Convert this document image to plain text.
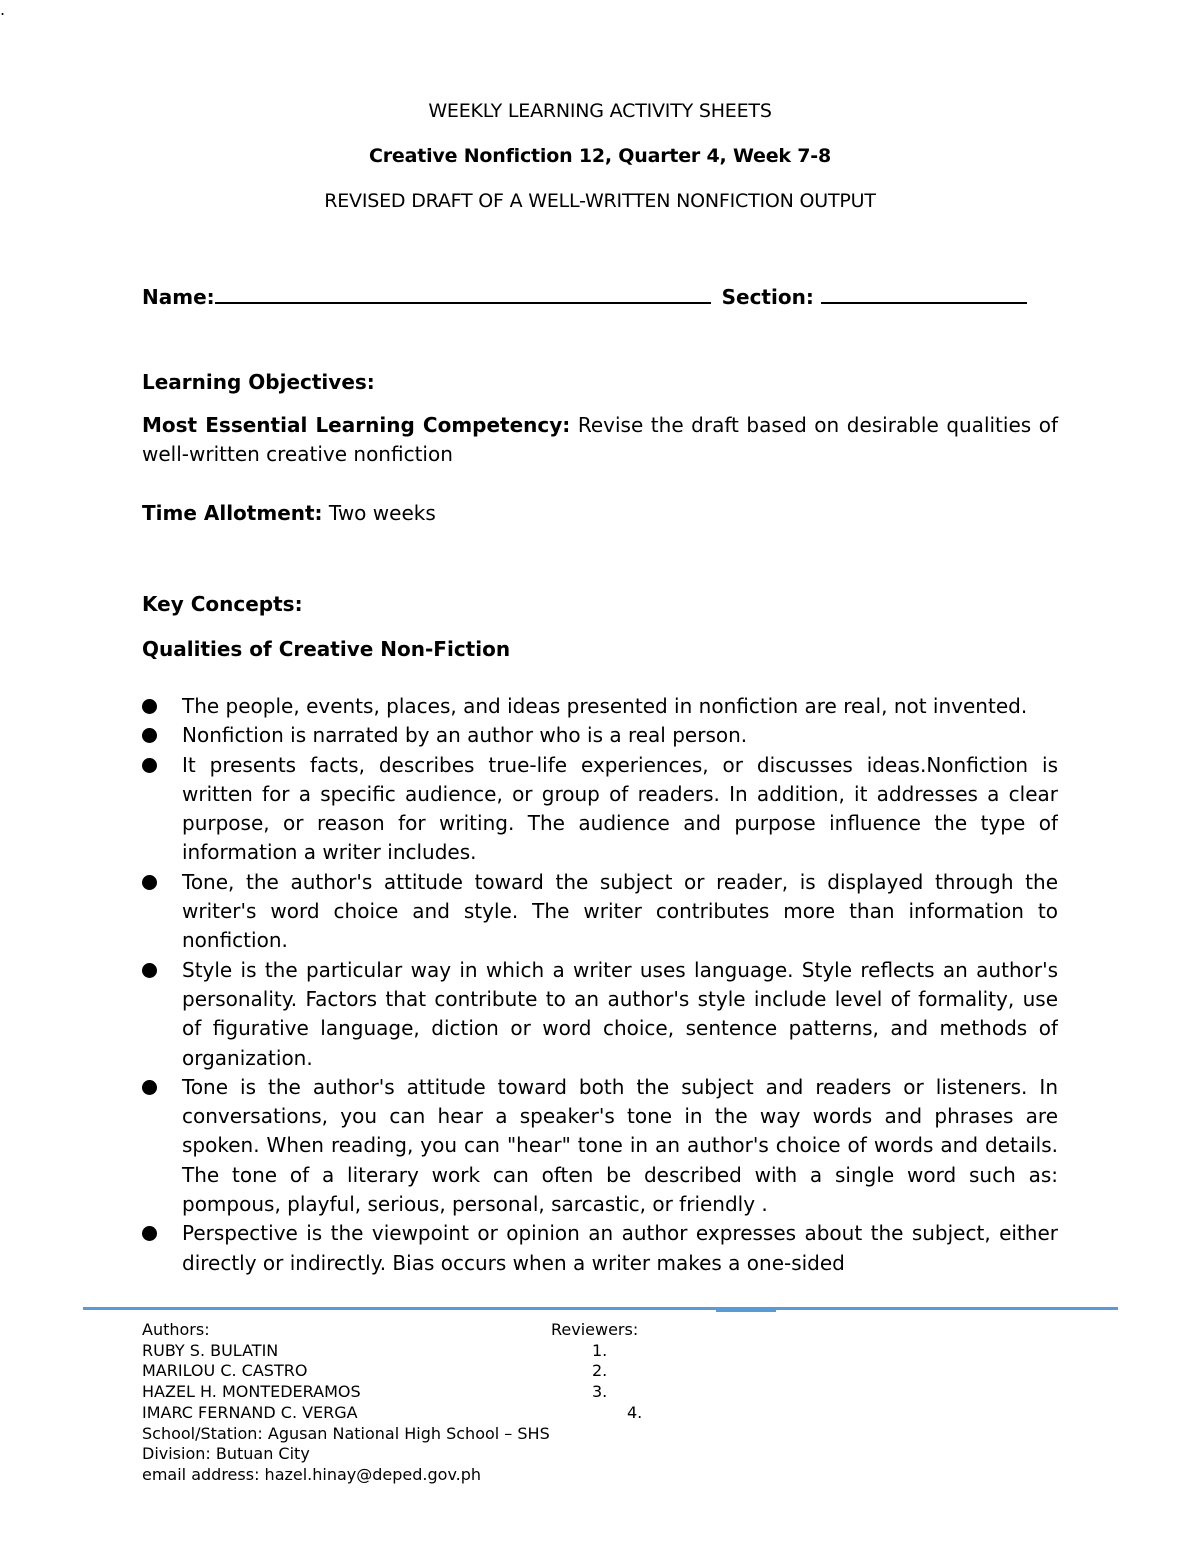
WEEKLY LEARNING ACTIVITY SHEETS
Creative Nonfiction 12, Quarter 4, Week 7-8
REVISED DRAFT OF A WELL-WRITTEN NONFICTION OUTPUT
Name:	Section:
Learning Objectives:
Most Essential Learning Competency: Revise the draft based on desirable qualities of well-written creative nonfiction
Time Allotment: Two weeks
Key Concepts:
Qualities of Creative Non-Fiction
The people, events, places, and ideas presented in nonfiction are real, not invented.
Nonfiction is narrated by an author who is a real person.
It presents facts, describes true-life experiences, or discusses ideas.Nonfiction is written for a specific audience, or group of readers. In addition, it addresses a clear purpose, or reason for writing. The audience and purpose influence the type of information a writer includes.
Tone, the author's attitude toward the subject or reader, is displayed through the writer's word choice and style. The writer contributes more than information to nonfiction.
Style is the particular way in which a writer uses language. Style reflects an author's personality. Factors that contribute to an author's style include level of formality, use of figurative language, diction or word choice, sentence patterns, and methods of organization.
Tone is the author's attitude toward both the subject and readers or listeners. In conversations, you can hear a speaker's tone in the way words and phrases are spoken. When reading, you can "hear" tone in an author's choice of words and details. The tone of a literary work can often be described with a single word such as: pompous, playful, serious, personal, sarcastic, or friendly .
Perspective is the viewpoint or opinion an author expresses about the subject, either directly or indirectly. Bias occurs when a writer makes a one-sided
Authors:
RUBY S. BULATIN
MARILOU C. CASTRO
HAZEL H. MONTEDERAMOS
IMARC FERNAND C. VERGA
School/Station: Agusan National High School – SHS
Division: Butuan City
email address: hazel.hinay@deped.gov.ph
Reviewers:
1.
2.
3.
4.
.
